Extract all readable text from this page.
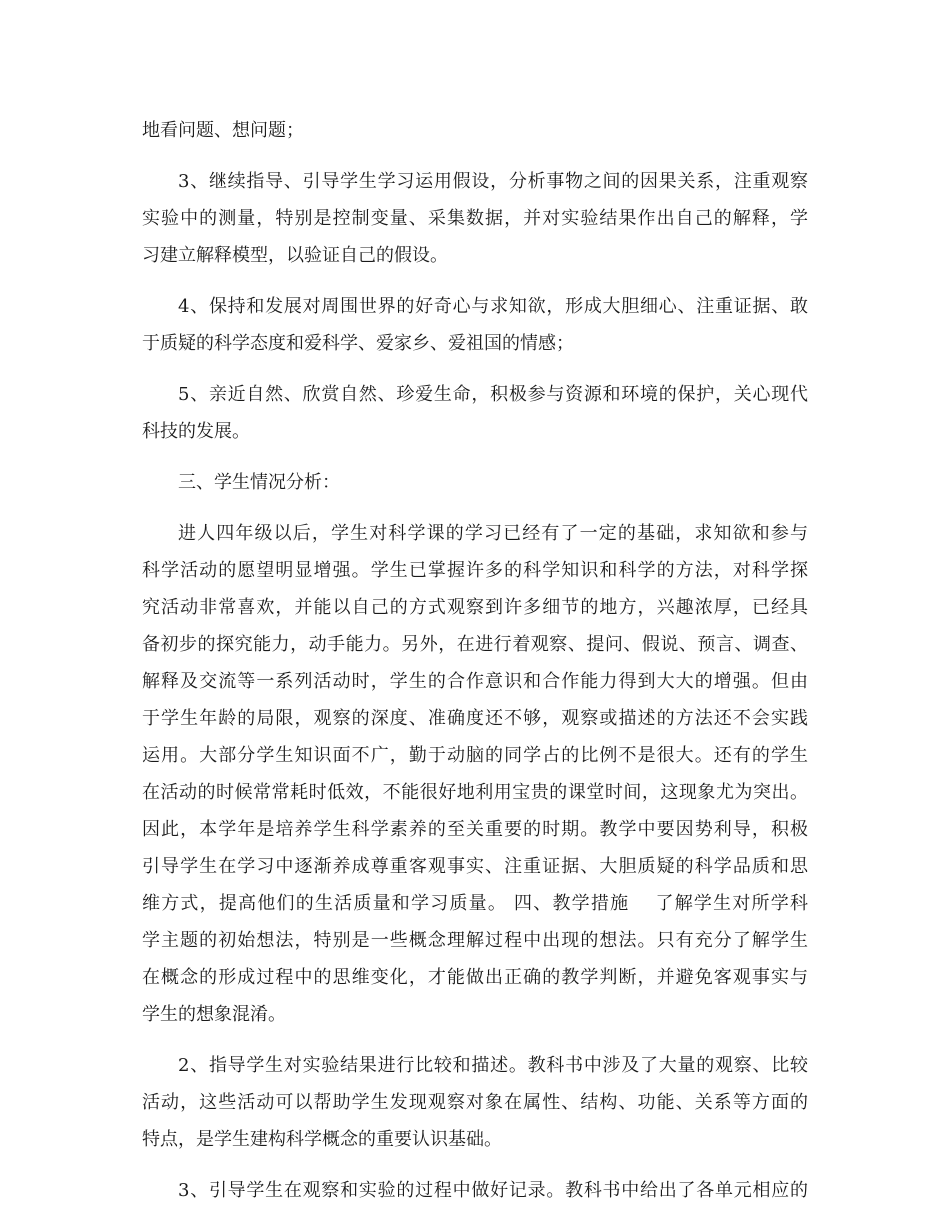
地看问题、想问题；
3、继续指导、引导学生学习运用假设，分析事物之间的因果关系，注重观察
实验中的测量，特别是控制变量、采集数据，并对实验结果作出自己的解释，学
习建立解释模型，以验证自己的假设。
4、保持和发展对周围世界的好奇心与求知欲，形成大胆细心、注重证据、敢
于质疑的科学态度和爱科学、爱家乡、爱祖国的情感；
5、亲近自然、欣赏自然、珍爱生命，积极参与资源和环境的保护，关心现代
科技的发展。
三、学生情况分析：
进人四年级以后，学生对科学课的学习已经有了一定的基础，求知欲和参与
科学活动的愿望明显增强。学生已掌握许多的科学知识和科学的方法，对科学探
究活动非常喜欢，并能以自己的方式观察到许多细节的地方，兴趣浓厚，已经具
备初步的探究能力，动手能力。另外，在进行着观察、提问、假说、预言、调查、
解释及交流等一系列活动时，学生的合作意识和合作能力得到大大的增强。但由
于学生年龄的局限，观察的深度、准确度还不够，观察或描述的方法还不会实践
运用。大部分学生知识面不广，勤于动脑的同学占的比例不是很大。还有的学生
在活动的时候常常耗时低效，不能很好地利用宝贵的课堂时间，这现象尤为突出。
因此，本学年是培养学生科学素养的至关重要的时期。教学中要因势利导，积极
引导学生在学习中逐渐养成尊重客观事实、注重证据、大胆质疑的科学品质和思
维方式，提高他们的生活质量和学习质量。 四、教学措施　 了解学生对所学科
学主题的初始想法，特别是一些概念理解过程中出现的想法。只有充分了解学生
在概念的形成过程中的思维变化，才能做出正确的教学判断，并避免客观事实与
学生的想象混淆。
2、指导学生对实验结果进行比较和描述。教科书中涉及了大量的观察、比较
活动，这些活动可以帮助学生发现观察对象在属性、结构、功能、关系等方面的
特点，是学生建构科学概念的重要认识基础。
3、引导学生在观察和实验的过程中做好记录。教科书中给出了各单元相应的
